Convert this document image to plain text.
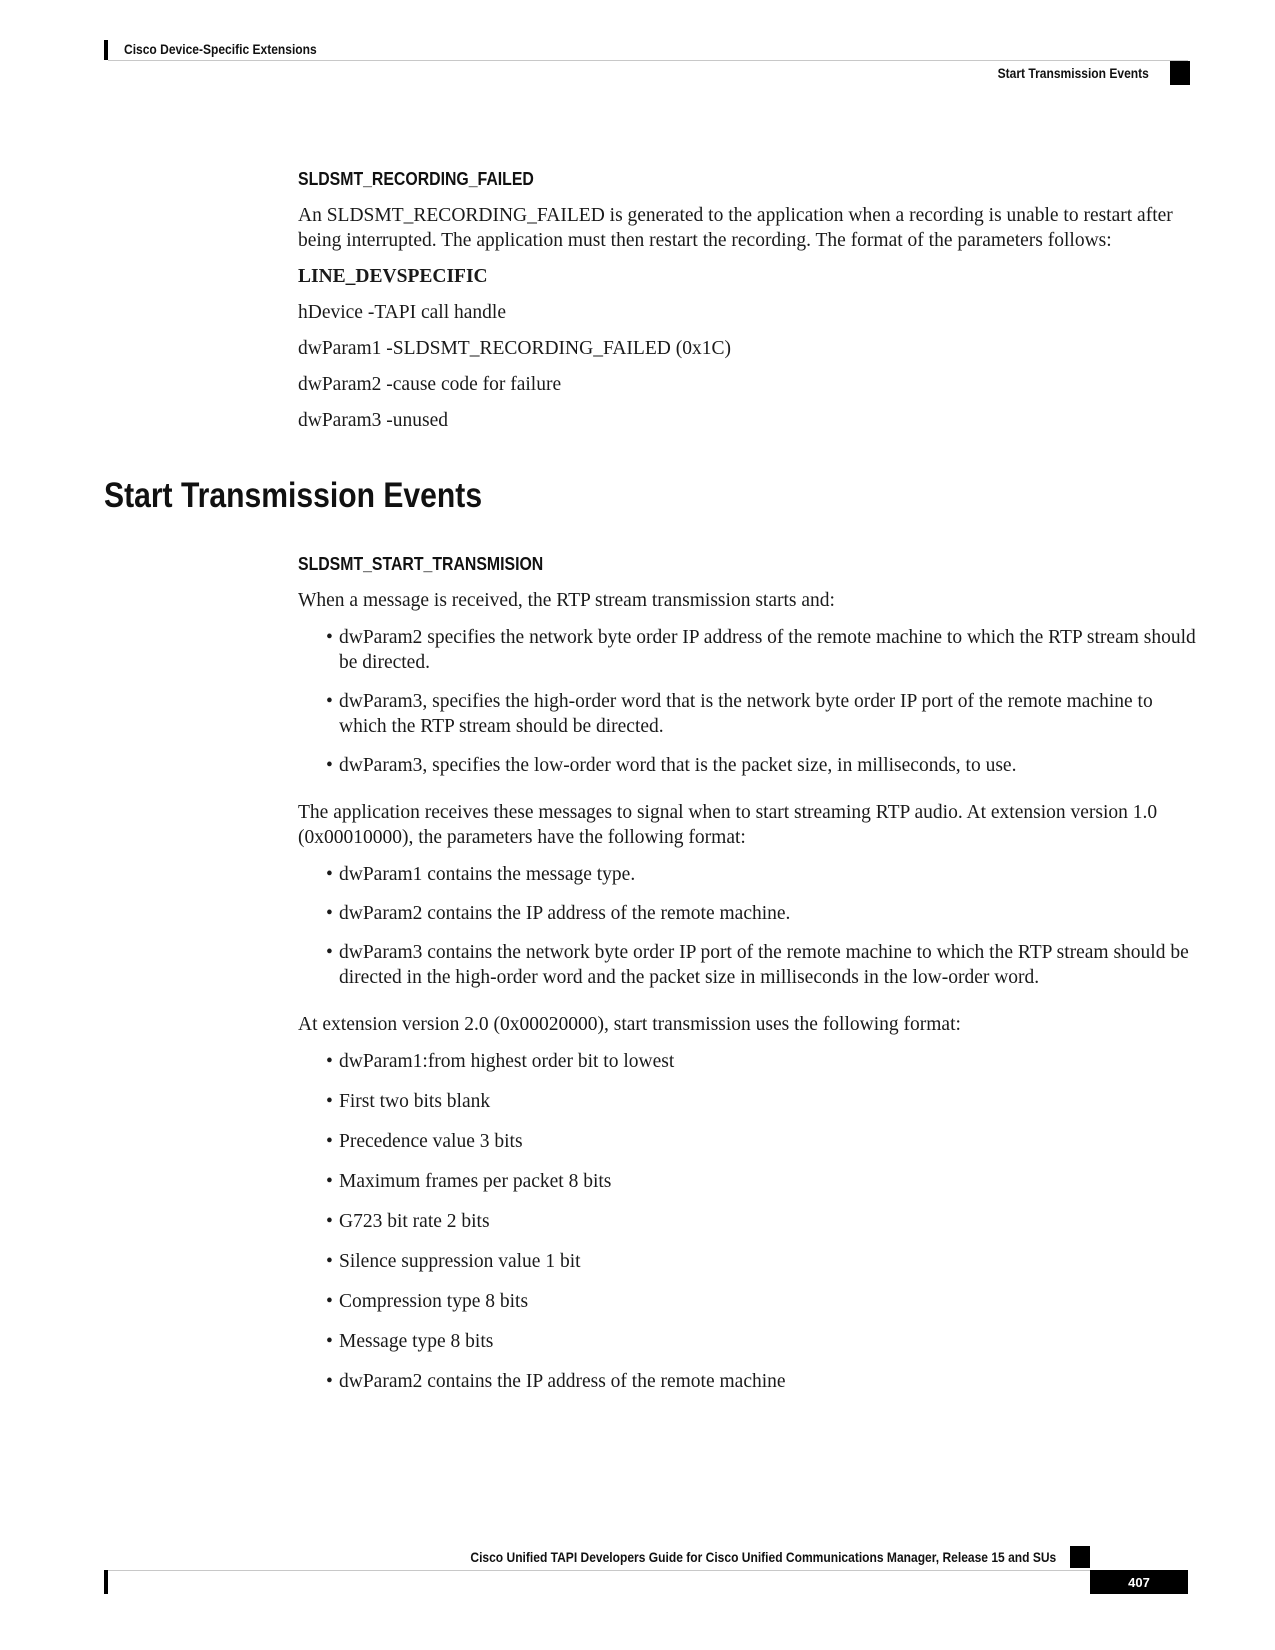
Cisco Device-Specific Extensions
Start Transmission Events
SLDSMT_RECORDING_FAILED

An SLDSMT_RECORDING_FAILED is generated to the application when a recording is unable to restart after being interrupted. The application must then restart the recording. The format of the parameters follows:

LINE_DEVSPECIFIC

hDevice -TAPI call handle

dwParam1 -SLDSMT_RECORDING_FAILED (0x1C)

dwParam2 -cause code for failure

dwParam3 -unused

Start Transmission Events
SLDSMT_START_TRANSMISION

When a message is received, the RTP stream transmission starts and:

• dwParam2 specifies the network byte order IP address of the remote machine to which the RTP stream should be directed.
• dwParam3, specifies the high-order word that is the network byte order IP port of the remote machine to which the RTP stream should be directed.
• dwParam3, specifies the low-order word that is the packet size, in milliseconds, to use.

The application receives these messages to signal when to start streaming RTP audio. At extension version 1.0 (0x00010000), the parameters have the following format:

• dwParam1 contains the message type.
• dwParam2 contains the IP address of the remote machine.
• dwParam3 contains the network byte order IP port of the remote machine to which the RTP stream should be directed in the high-order word and the packet size in milliseconds in the low-order word.

At extension version 2.0 (0x00020000), start transmission uses the following format:

• dwParam1:from highest order bit to lowest
• First two bits blank
• Precedence value 3 bits
• Maximum frames per packet 8 bits
• G723 bit rate 2 bits
• Silence suppression value 1 bit
• Compression type 8 bits
• Message type 8 bits
• dwParam2 contains the IP address of the remote machine
Cisco Unified TAPI Developers Guide for Cisco Unified Communications Manager, Release 15 and SUs
407
